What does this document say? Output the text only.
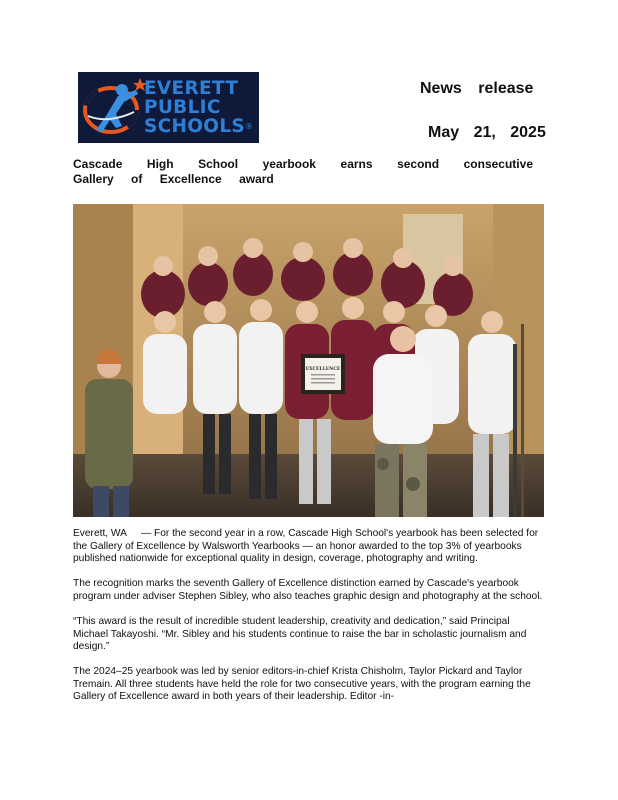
EVERETT
PUBLIC
SCHOOLS®
News release
May 21, 2025
Cascade High School yearbook earns second consecutive Gallery of Excellence award
EXCELLENCE

Everett, WA — For the second year in a row, Cascade High School's yearbook has been selected for the Gallery of Excellence by Walsworth Yearbooks — an honor awarded to the top 3% of yearbooks published nationwide for exceptional quality in design, coverage, photography and writing.

The recognition marks the seventh Gallery of Excellence distinction earned by Cascade's yearbook program under adviser Stephen Sibley, who also teaches graphic design and photography at the school.

“This award is the result of incredible student leadership, creativity and dedication,” said Principal Michael Takayoshi. “Mr. Sibley and his students continue to raise the bar in scholastic journalism and design.”

The 2024–25 yearbook was led by senior editors-in-chief Krista Chisholm, Taylor Pickard and Taylor Tremain. All three students have held the role for two consecutive years, with the program earning the Gallery of Excellence award in both years of their leadership. Editor -in-
